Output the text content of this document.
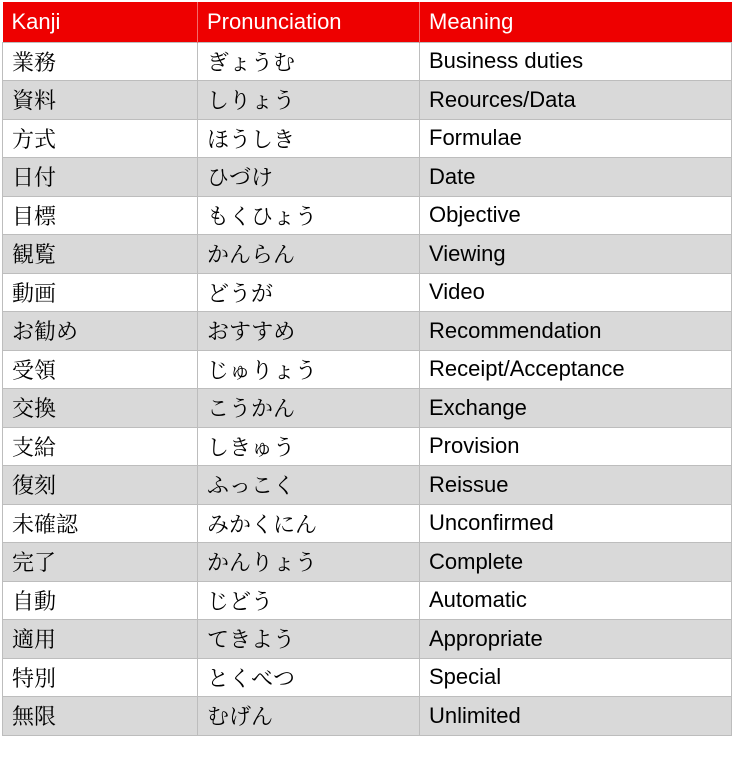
Kanji	Pronunciation	Meaning
業務	ぎょうむ	Business duties
資料	しりょう	Reources/Data
方式	ほうしき	Formulae
日付	ひづけ	Date
目標	もくひょう	Objective
観覧	かんらん	Viewing
動画	どうが	Video
お勧め	おすすめ	Recommendation
受領	じゅりょう	Receipt/Acceptance
交換	こうかん	Exchange
支給	しきゅう	Provision
復刻	ふっこく	Reissue
未確認	みかくにん	Unconfirmed
完了	かんりょう	Complete
自動	じどう	Automatic
適用	てきよう	Appropriate
特別	とくべつ	Special
無限	むげん	Unlimited
